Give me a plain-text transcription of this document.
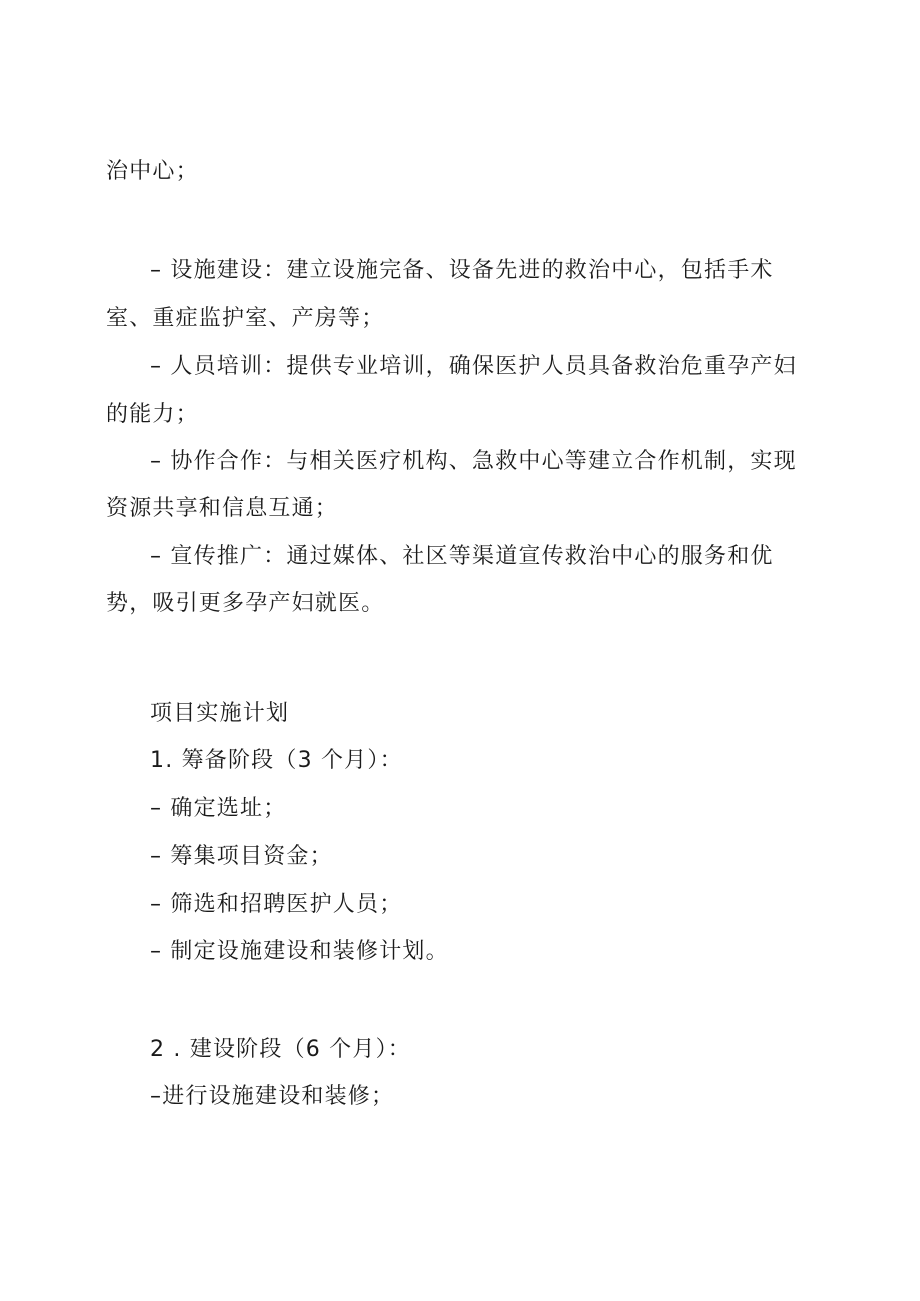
治中心；
– 设施建设：建立设施完备、设备先进的救治中心，包括手术
室、重症监护室、产房等；
– 人员培训：提供专业培训，确保医护人员具备救治危重孕产妇
的能力；
– 协作合作：与相关医疗机构、急救中心等建立合作机制，实现
资源共享和信息互通；
– 宣传推广：通过媒体、社区等渠道宣传救治中心的服务和优
势，吸引更多孕产妇就医。
项目实施计划
1. 筹备阶段（3 个月）：
– 确定选址；
– 筹集项目资金；
– 筛选和招聘医护人员；
– 制定设施建设和装修计划。
2 . 建设阶段（6 个月）：
–进行设施建设和装修；
